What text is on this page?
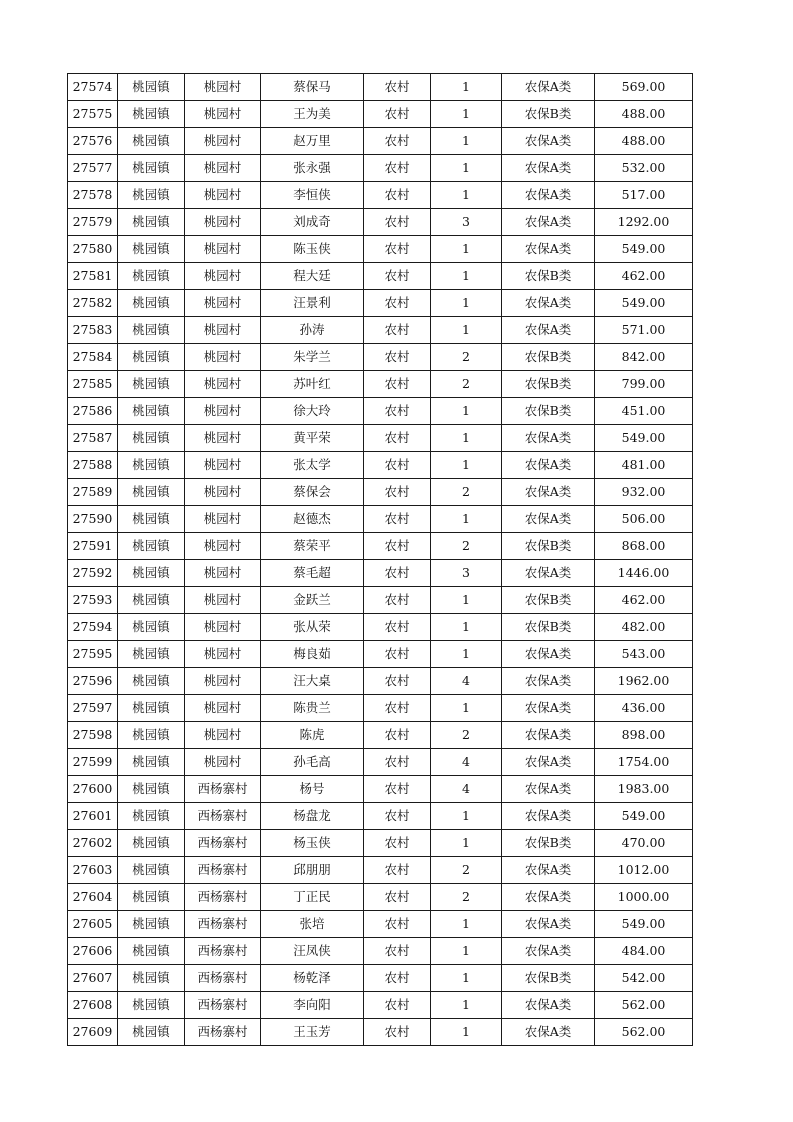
27574	桃园镇	桃园村	蔡保马	农村	1	农保A类	569.00
27575	桃园镇	桃园村	王为美	农村	1	农保B类	488.00
27576	桃园镇	桃园村	赵万里	农村	1	农保A类	488.00
27577	桃园镇	桃园村	张永强	农村	1	农保A类	532.00
27578	桃园镇	桃园村	李恒侠	农村	1	农保A类	517.00
27579	桃园镇	桃园村	刘成奇	农村	3	农保A类	1292.00
27580	桃园镇	桃园村	陈玉侠	农村	1	农保A类	549.00
27581	桃园镇	桃园村	程大廷	农村	1	农保B类	462.00
27582	桃园镇	桃园村	汪景利	农村	1	农保A类	549.00
27583	桃园镇	桃园村	孙涛	农村	1	农保A类	571.00
27584	桃园镇	桃园村	朱学兰	农村	2	农保B类	842.00
27585	桃园镇	桃园村	苏叶红	农村	2	农保B类	799.00
27586	桃园镇	桃园村	徐大玲	农村	1	农保B类	451.00
27587	桃园镇	桃园村	黄平荣	农村	1	农保A类	549.00
27588	桃园镇	桃园村	张太学	农村	1	农保A类	481.00
27589	桃园镇	桃园村	蔡保会	农村	2	农保A类	932.00
27590	桃园镇	桃园村	赵德杰	农村	1	农保A类	506.00
27591	桃园镇	桃园村	蔡荣平	农村	2	农保B类	868.00
27592	桃园镇	桃园村	蔡毛超	农村	3	农保A类	1446.00
27593	桃园镇	桃园村	金跃兰	农村	1	农保B类	462.00
27594	桃园镇	桃园村	张从荣	农村	1	农保B类	482.00
27595	桃园镇	桃园村	梅良茹	农村	1	农保A类	543.00
27596	桃园镇	桃园村	汪大桌	农村	4	农保A类	1962.00
27597	桃园镇	桃园村	陈贵兰	农村	1	农保A类	436.00
27598	桃园镇	桃园村	陈虎	农村	2	农保A类	898.00
27599	桃园镇	桃园村	孙毛高	农村	4	农保A类	1754.00
27600	桃园镇	西杨寨村	杨号	农村	4	农保A类	1983.00
27601	桃园镇	西杨寨村	杨盘龙	农村	1	农保A类	549.00
27602	桃园镇	西杨寨村	杨玉侠	农村	1	农保B类	470.00
27603	桃园镇	西杨寨村	邱朋朋	农村	2	农保A类	1012.00
27604	桃园镇	西杨寨村	丁正民	农村	2	农保A类	1000.00
27605	桃园镇	西杨寨村	张培	农村	1	农保A类	549.00
27606	桃园镇	西杨寨村	汪凤侠	农村	1	农保A类	484.00
27607	桃园镇	西杨寨村	杨乾泽	农村	1	农保B类	542.00
27608	桃园镇	西杨寨村	李向阳	农村	1	农保A类	562.00
27609	桃园镇	西杨寨村	王玉芳	农村	1	农保A类	562.00
